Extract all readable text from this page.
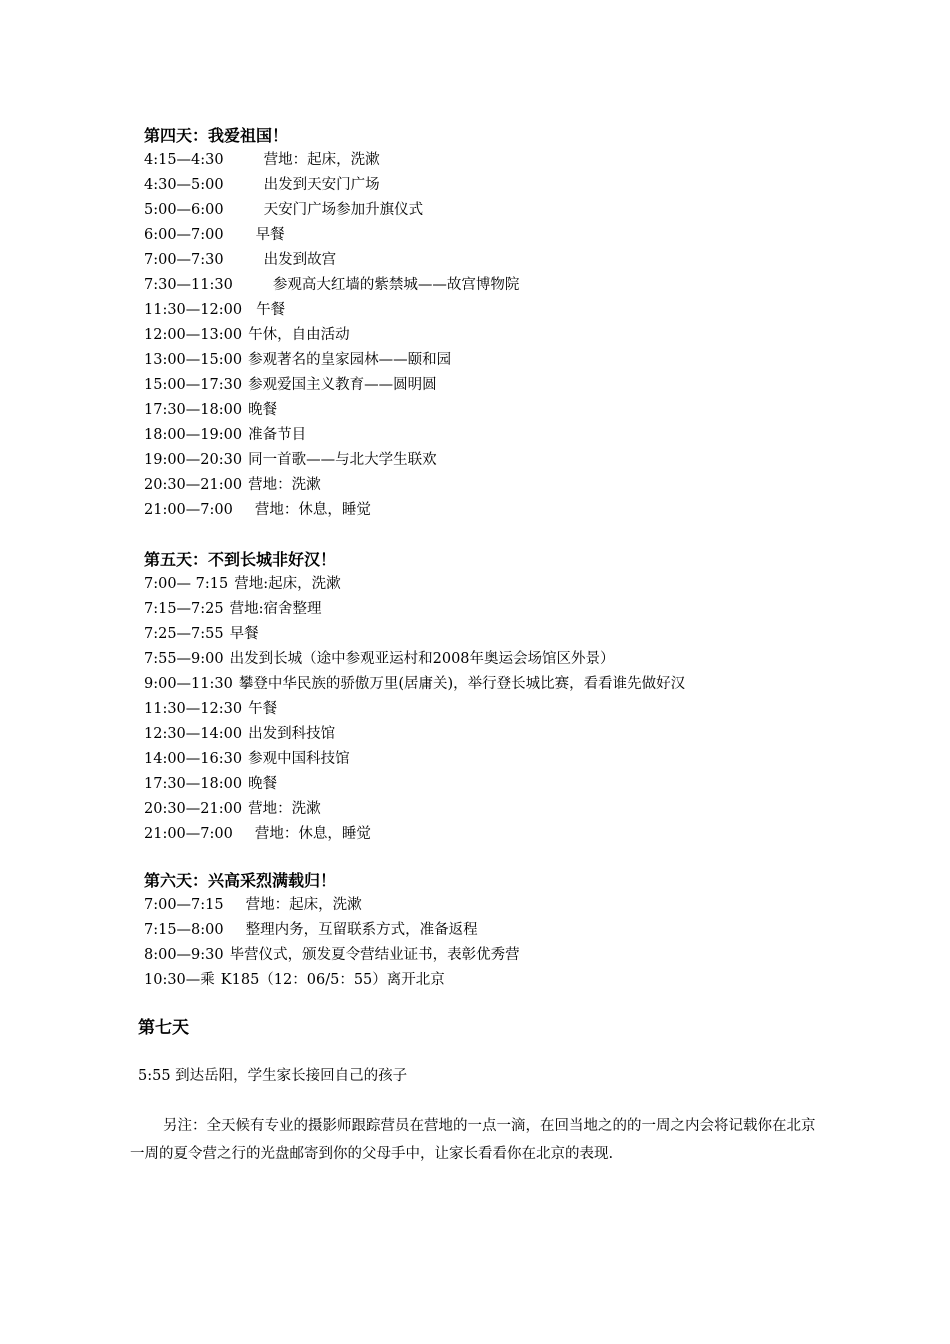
第四天：我爱祖国！
4:15—4:30	营地：起床，洗漱
4:30—5:00	出发到天安门广场
5:00—6:00	天安门广场参加升旗仪式
6:00—7:00 早餐
7:00—7:30	出发到故宫
7:30—11:30	参观高大红墙的紫禁城——故宫博物院
11:30—12:00 午餐
12:00—13:00 午休，自由活动
13:00—15:00 参观著名的皇家园林——颐和园
15:00—17:30 参观爱国主义教育——圆明圆
17:30—18:00 晚餐
18:00—19:00 准备节目
19:00—20:30 同一首歌——与北大学生联欢
20:30—21:00 营地：洗漱
21:00—7:00 营地：休息，睡觉
第五天：不到长城非好汉！
7:00— 7:15 营地:起床，洗漱
7:15—7:25 营地:宿舍整理
7:25—7:55 早餐
7:55—9:00 出发到长城（途中参观亚运村和2008年奥运会场馆区外景）
9:00—11:30 攀登中华民族的骄傲万里(居庸关)，举行登长城比赛，看看谁先做好汉
11:30—12:30 午餐
12:30—14:00 出发到科技馆
14:00—16:30 参观中国科技馆
17:30—18:00 晚餐
20:30—21:00 营地：洗漱
21:00—7:00 营地：休息，睡觉
第六天：兴高采烈满载归！
7:00—7:15 营地：起床，洗漱
7:15—8:00 整理内务，互留联系方式，准备返程
8:00—9:30 毕营仪式，颁发夏令营结业证书，表彰优秀营
10:30—乘 K185（12：06/5：55）离开北京
第七天
5:55 到达岳阳，学生家长接回自己的孩子
另注：全天候有专业的摄影师跟踪营员在营地的一点一滴，在回当地之的的一周之内会将记载你在北京一周的夏令营之行的光盘邮寄到你的父母手中，让家长看看你在北京的表现.
